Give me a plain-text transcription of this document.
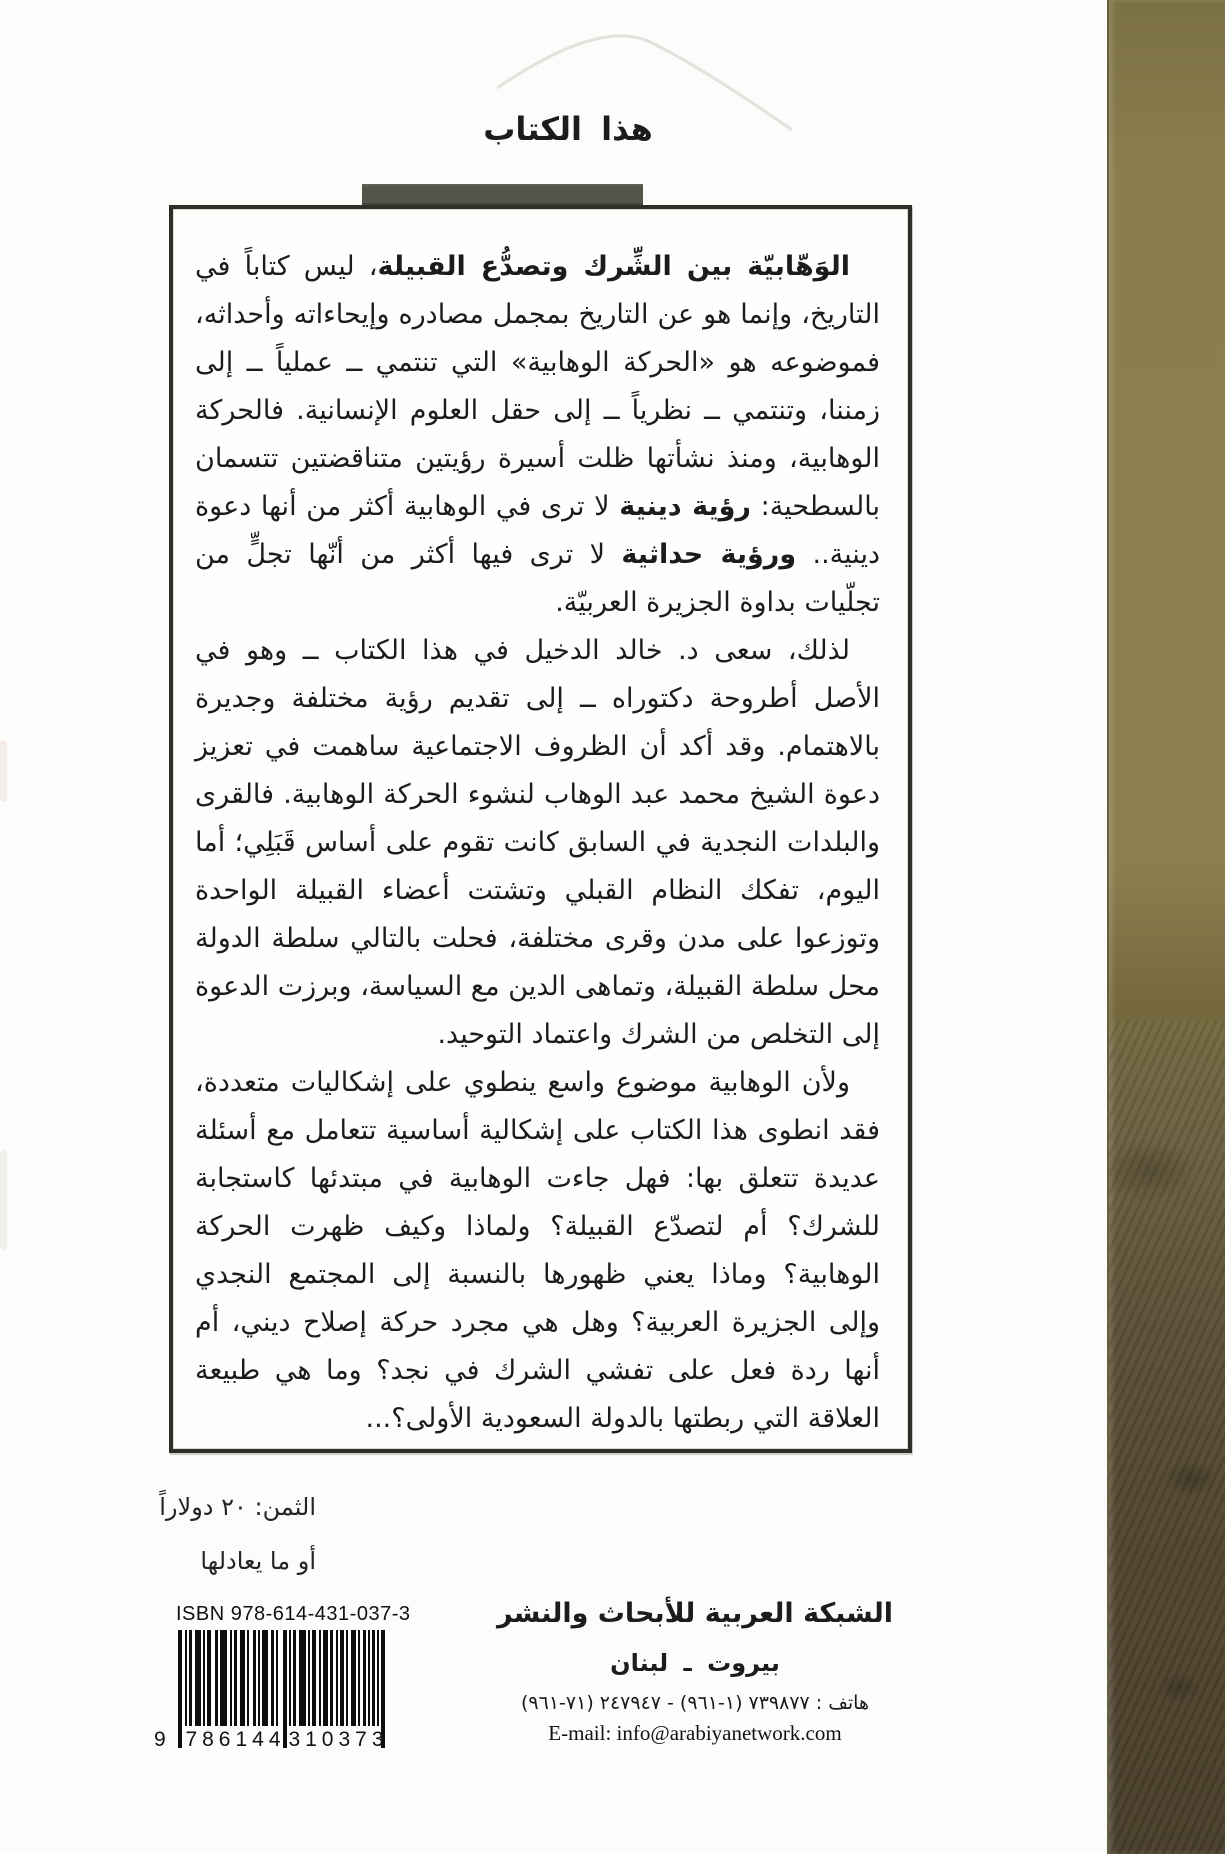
هذا الكتاب

الوَهّابيّة بين الشِّرك وتصدُّع القبيلة، ليس كتاباً في التاريخ، وإنما هو عن التاريخ بمجمل مصادره وإيحاءاته وأحداثه، فموضوعه هو «الحركة الوهابية» التي تنتمي ــ عملياً ــ إلى زمننا، وتنتمي ــ نظرياً ــ إلى حقل العلوم الإنسانية. فالحركة الوهابية، ومنذ نشأتها ظلت أسيرة رؤيتين متناقضتين تتسمان بالسطحية: رؤية دينية لا ترى في الوهابية أكثر من أنها دعوة دينية.. ورؤية حداثية لا ترى فيها أكثر من أنّها تجلٍّ من تجلّيات بداوة الجزيرة العربيّة.

لذلك، سعى د. خالد الدخيل في هذا الكتاب ــ وهو في الأصل أطروحة دكتوراه ــ إلى تقديم رؤية مختلفة وجديرة بالاهتمام. وقد أكد أن الظروف الاجتماعية ساهمت في تعزيز دعوة الشيخ محمد عبد الوهاب لنشوء الحركة الوهابية. فالقرى والبلدات النجدية في السابق كانت تقوم على أساس قَبَلِي؛ أما اليوم، تفكك النظام القبلي وتشتت أعضاء القبيلة الواحدة وتوزعوا على مدن وقرى مختلفة، فحلت بالتالي سلطة الدولة محل سلطة القبيلة، وتماهى الدين مع السياسة، وبرزت الدعوة إلى التخلص من الشرك واعتماد التوحيد.

ولأن الوهابية موضوع واسع ينطوي على إشكاليات متعددة، فقد انطوى هذا الكتاب على إشكالية أساسية تتعامل مع أسئلة عديدة تتعلق بها: فهل جاءت الوهابية في مبتدئها كاستجابة للشرك؟ أم لتصدّع القبيلة؟ ولماذا وكيف ظهرت الحركة الوهابية؟ وماذا يعني ظهورها بالنسبة إلى المجتمع النجدي وإلى الجزيرة العربية؟ وهل هي مجرد حركة إصلاح ديني، أم أنها ردة فعل على تفشي الشرك في نجد؟ وما هي طبيعة العلاقة التي ربطتها بالدولة السعودية الأولى؟...

الثمن: ٢٠ دولاراً
أو ما يعادلها
ISBN 978-614-431-037-3
9 786144 310373

الشبكة العربية للأبحاث والنشر

بيروت ـ لبنان

هاتف : ٧٣٩٨٧٧ (١-٩٦١) - ٢٤٧٩٤٧ (٧١-٩٦١)

E-mail: info@arabiyanetwork.com
